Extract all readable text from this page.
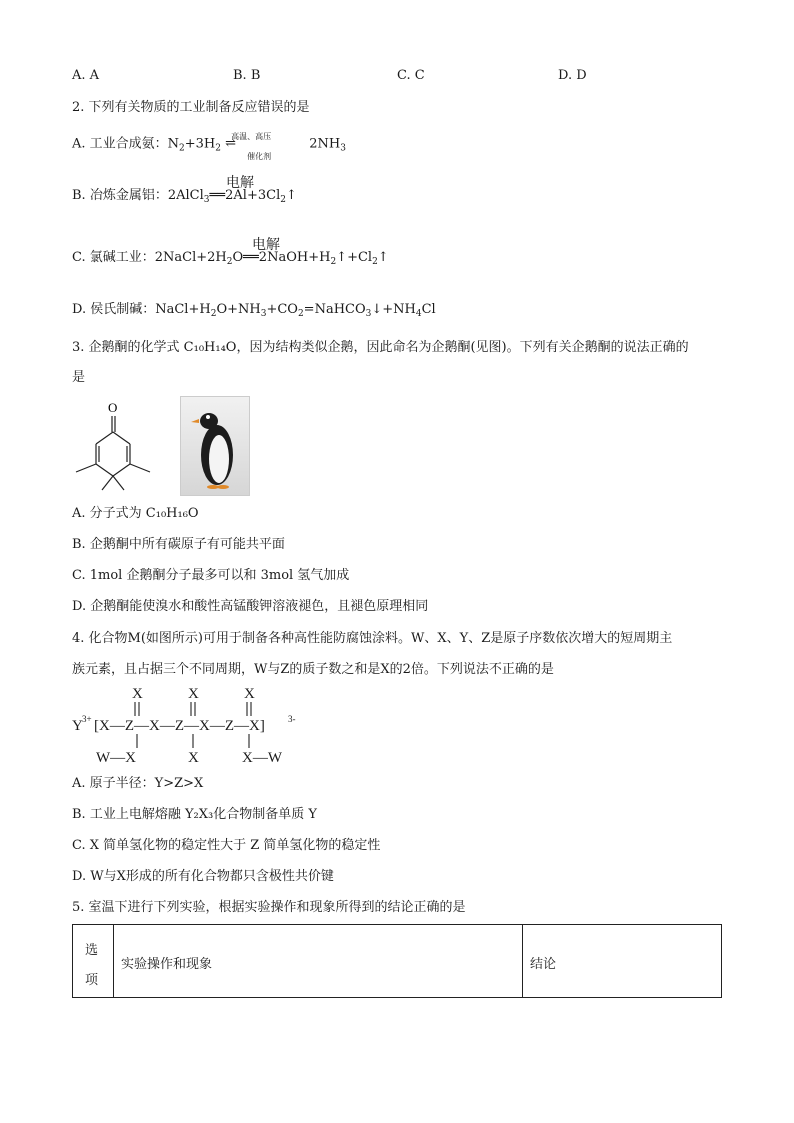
A. A	B. B	C. C	D. D
2. 下列有关物质的工业制备反应错误的是
A. 工业合成氨：$N_2+3H_2$ ⇌
高温、高压
催化剂
$2NH_3$
电解
B. 冶炼金属铝：$2AlCl_3══2Al+3Cl_2↑$
电解
C. 氯碱工业：$2NaCl+2H_2O══2NaOH+H_2↑+Cl_2↑$
D. 侯氏制碱：$NaCl+H_2O+NH_3+CO_2=NaHCO_3↓+NH_4Cl$
3. 企鹅酮的化学式 C₁₀H₁₄O，因为结构类似企鹅，因此命名为企鹅酮(见图)。下列有关企鹅酮的说法正确的
是
O
A. 分子式为 C₁₀H₁₆O
B. 企鹅酮中所有碳原子有可能共平面
C. 1mol 企鹅酮分子最多可以和 3mol 氢气加成
D. 企鹅酮能使溴水和酸性高锰酸钾溶液褪色，且褪色原理相同
4. 化合物M(如图所示)可用于制备各种高性能防腐蚀涂料。W、X、Y、Z是原子序数依次增大的短周期主
族元素，且占据三个不同周期，W与Z的质子数之和是X的2倍。下列说法不正确的是
X	X	X
Y 3+ [X—Z—X—Z—X—Z—X]	3-
W—X	X	X—W
A. 原子半径：Y>Z>X
B. 工业上电解熔融 Y₂X₃化合物制备单质 Y
C. X 简单氢化物的稳定性大于 Z 简单氢化物的稳定性
D. W与X形成的所有化合物都只含极性共价键
5. 室温下进行下列实验，根据实验操作和现象所得到的结论正确的是
选
项
实验操作和现象	结论
